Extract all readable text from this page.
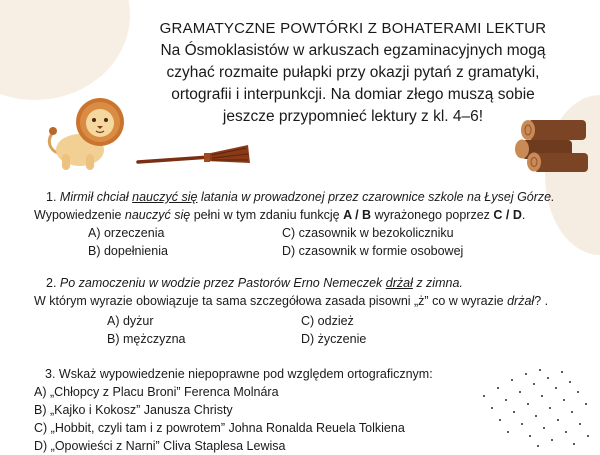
GRAMATYCZNE POWTÓRKI Z BOHATERAMI LEKTUR
Na Ósmoklasistów w arkuszach egzaminacyjnych mogą
czyhać rozmaite pułapki przy okazji pytań z gramatyki,
ortografii i interpunkcji. Na domiar złego muszą sobie
jeszcze przypomnieć lektury z kl. 4–6!
1. Mirmił chciał nauczyć się latania w prowadzonej przez czarownice szkole na Łysej Górze.
Wypowiedzenie nauczyć się pełni w tym zdaniu funkcję A / B wyrażonego poprzez C / D.
A) orzeczenia
B) dopełnienia
C) czasownik w bezokoliczniku
D) czasownik w formie osobowej
2. Po zamoczeniu w wodzie przez Pastorów Erno Nemeczek drżał z zimna.
W którym wyrazie obowiązuje ta sama szczegółowa zasada pisowni „ż” co w wyrazie drżał? .
A) dyżur
B) mężczyzna
C) odzież
D) życzenie
3. Wskaż wypowiedzenie niepoprawne pod względem ortograficznym:
A) „Chłopcy z Placu Broni” Ferenca Molnára
B) „Kajko i Kokosz” Janusza Christy
C) „Hobbit, czyli tam i z powrotem” Johna Ronalda Reuela Tolkiena
D) „Opowieści z Narni” Cliva Staplesa Lewisa
